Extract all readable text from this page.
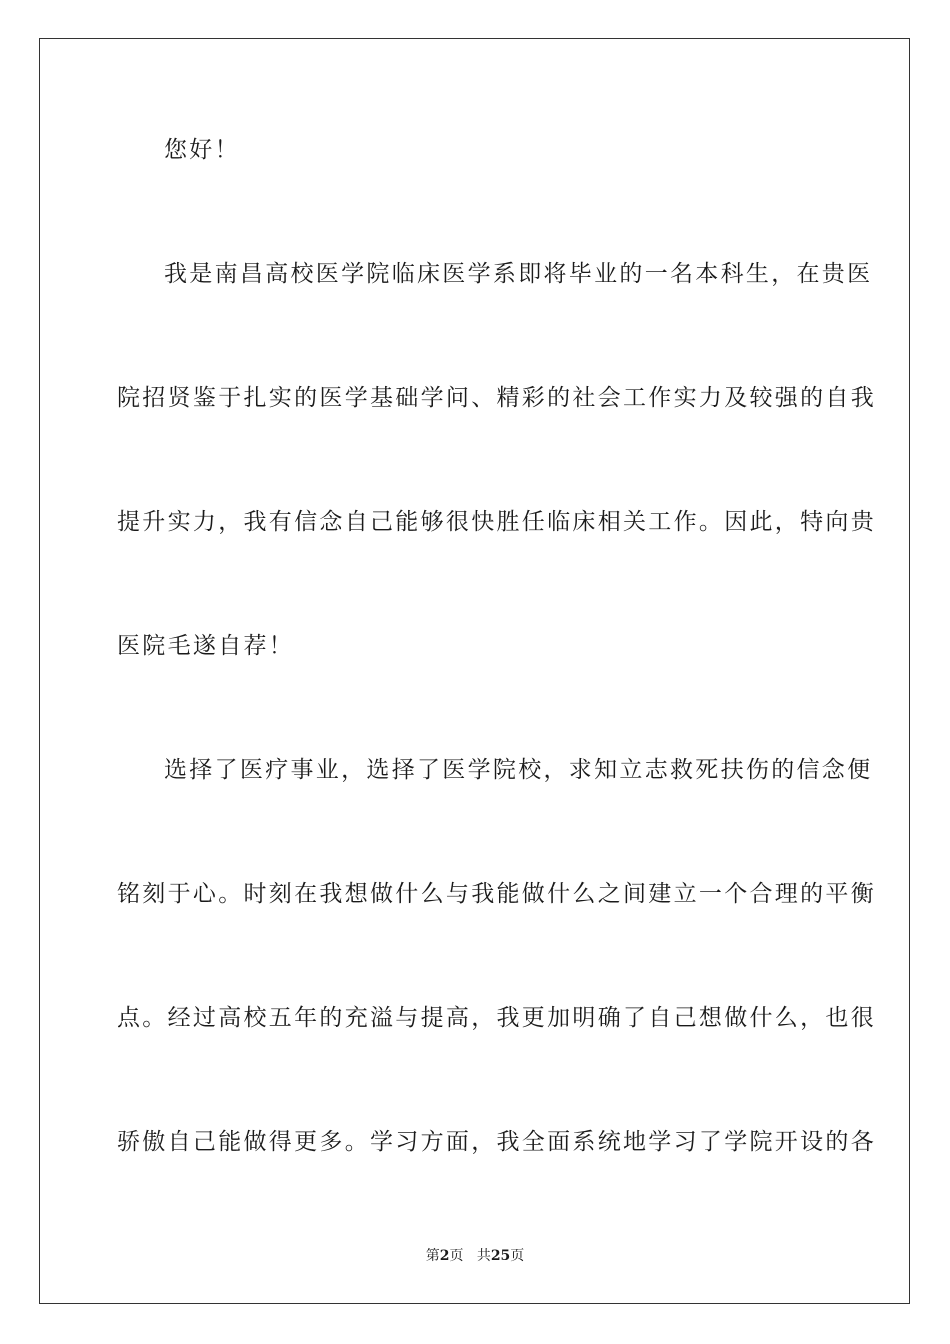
您好！
我是南昌高校医学院临床医学系即将毕业的一名本科生，在贵医
院招贤鉴于扎实的医学基础学问、精彩的社会工作实力及较强的自我
提升实力，我有信念自己能够很快胜任临床相关工作。因此，特向贵
医院毛遂自荐！
选择了医疗事业，选择了医学院校，求知立志救死扶伤的信念便
铭刻于心。时刻在我想做什么与我能做什么之间建立一个合理的平衡
点。经过高校五年的充溢与提高，我更加明确了自己想做什么，也很
骄傲自己能做得更多。学习方面，我全面系统地学习了学院开设的各
第2页 共25页
